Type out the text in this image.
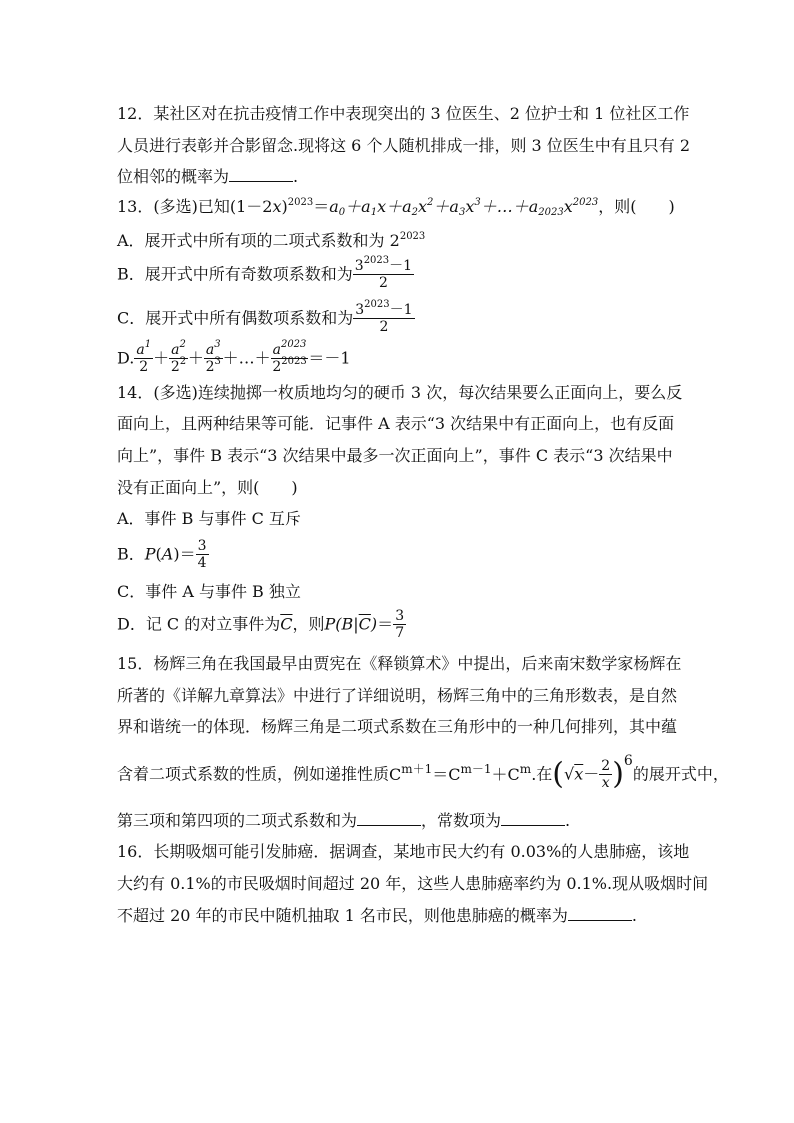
12．某社区对在抗击疫情工作中表现突出的 3 位医生、2 位护士和 1 位社区工作
人员进行表彰并合影留念.现将这 6 个人随机排成一排，则 3 位医生中有且只有 2
位相邻的概率为	.
13．(多选)已知$(1-2x)^{2023}=a_0+a_1x+a_2x^2+a_3x^3+\dots+a_{2023}x^{2023}$，则(　　)
A．展开式中所有项的二项式系数和为 $2^{2023}$
B．展开式中所有奇数项系数和为 $\frac{3^{2023}-1}{2}$
C．展开式中所有偶数项系数和为 $\frac{3^{2023}-1}{2}$
D. $\frac{a^1}{2} + \frac{a^2}{2^2} + \frac{a^3}{2^3}$ ＋…＋ $\frac{a^{2023}}{2^{2023}} =-1$
14．(多选)连续抛掷一枚质地均匀的硬币 3 次，每次结果要么正面向上，要么反
面向上，且两种结果等可能．记事件 A 表示“3 次结果中有正面向上，也有反面
向上”，事件 B 表示“3 次结果中最多一次正面向上”，事件 C 表示“3 次结果中
没有正面向上”，则(　　)
A．事件 B 与事件 C 互斥
B．$P(A)= \frac{3}{4}$
C．事件 A 与事件 B 独立
D．记 C 的对立事件为$\overline{C}$，则$P(B|\overline{C})= \frac{3}{7}$
15．杨辉三角在我国最早由贾宪在《释锁算术》中提出，后来南宋数学家杨辉在
所著的《详解九章算法》中进行了详细说明，杨辉三角中的三角形数表，是自然
界和谐统一的体现．杨辉三角是二项式系数在三角形中的一种几何排列，其中蕴
含着二项式系数的性质，例如递推性质$C^{m+1}=C^{m-1}+C^m$.在$(√x- \frac{2}{x} )^6$的展开式中，
第三项和第四项的二项式系数和为	，常数项为	.
16．长期吸烟可能引发肺癌．据调查，某地市民大约有 0.03%的人患肺癌，该地
大约有 0.1%的市民吸烟时间超过 20 年，这些人患肺癌率约为 0.1%.现从吸烟时间
不超过 20 年的市民中随机抽取 1 名市民，则他患肺癌的概率为	.
